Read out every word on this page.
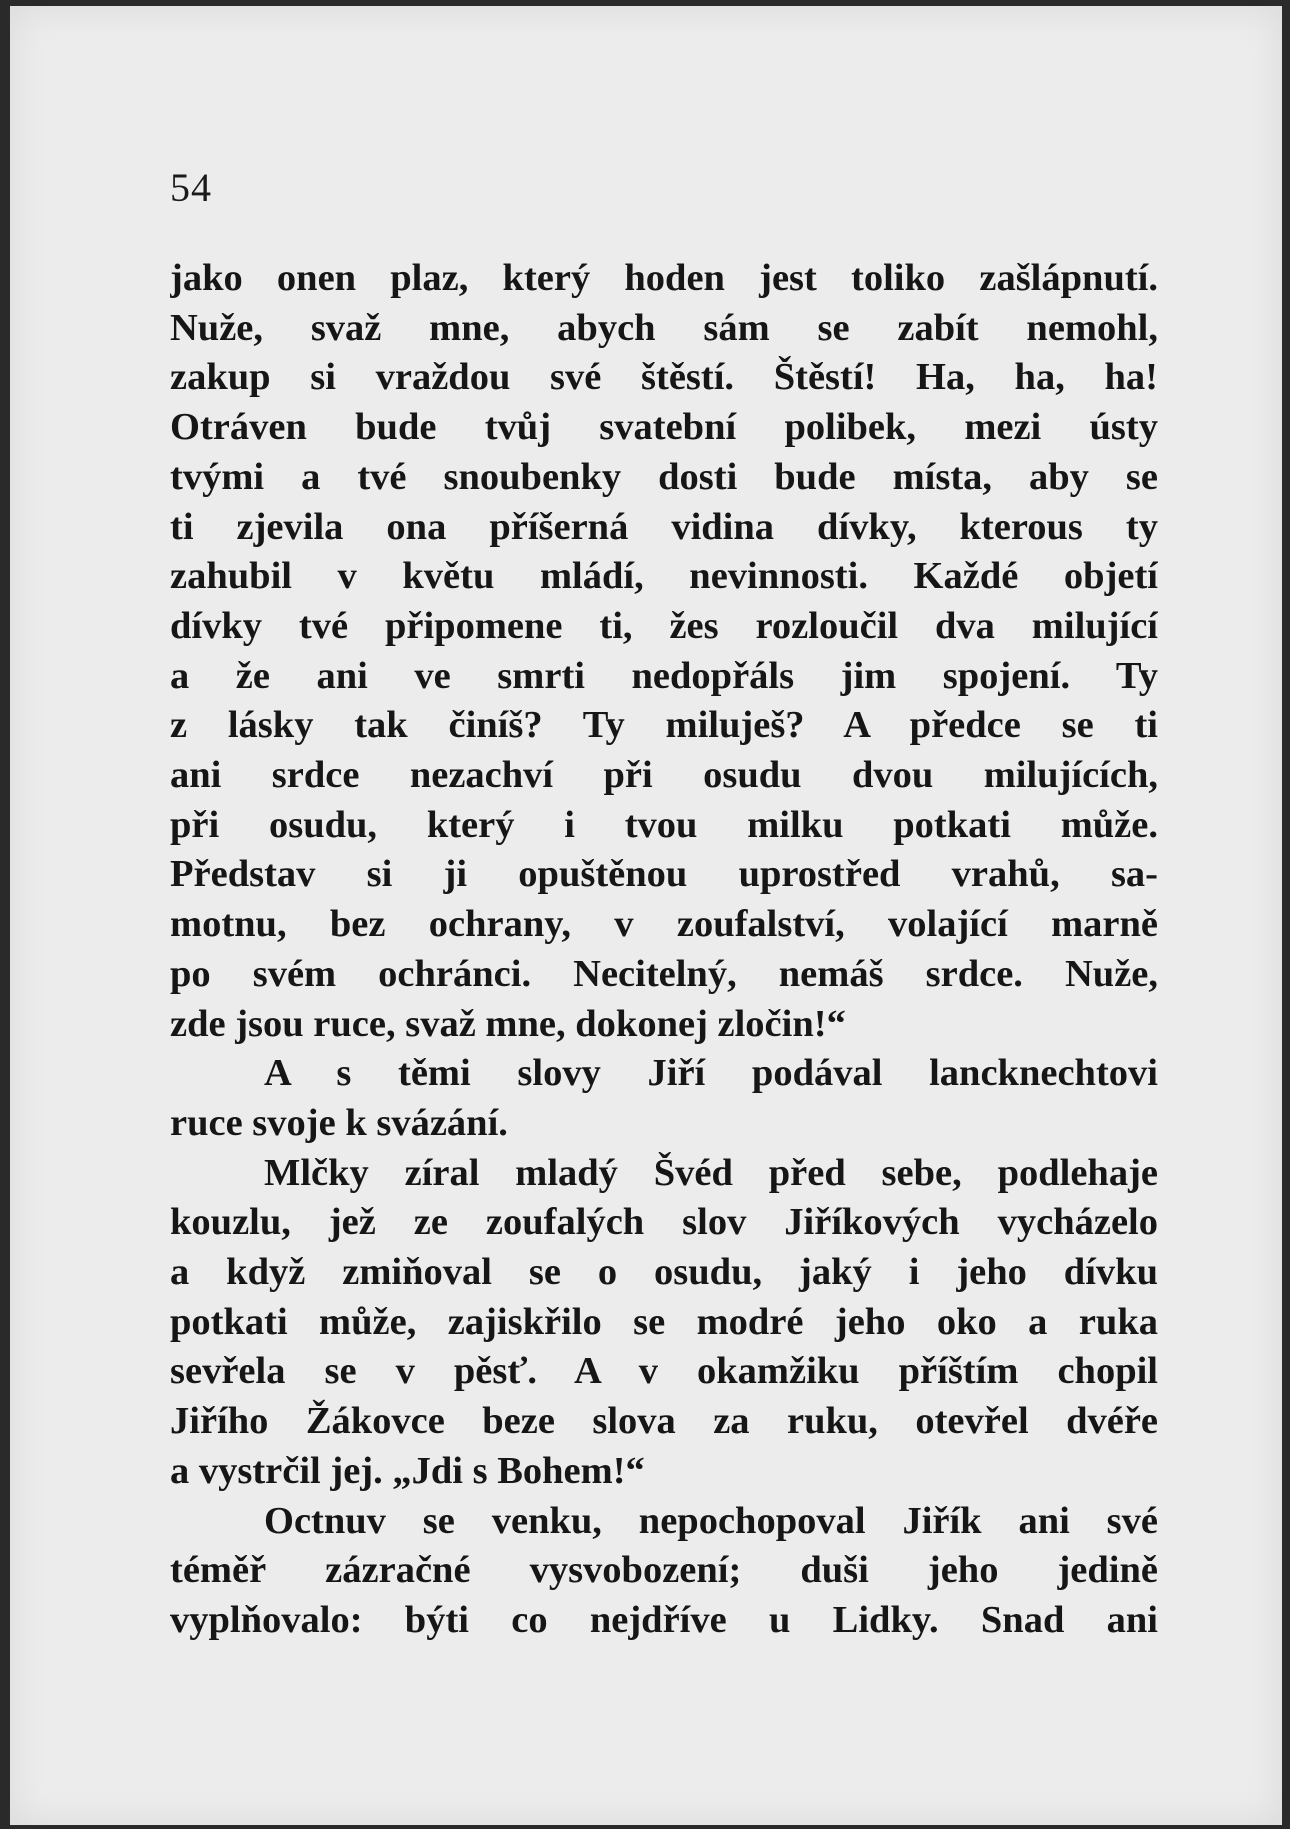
54
jako onen plaz, který hoden jest toliko zašlápnutí.
Nuže, svaž mne, abych sám se zabít nemohl,
zakup si vraždou své štěstí. Štěstí! Ha, ha, ha!
Otráven bude tvůj svatební polibek, mezi ústy
tvými a tvé snoubenky dosti bude místa, aby se
ti zjevila ona příšerná vidina dívky, kterous ty
zahubil v květu mládí, nevinnosti. Každé objetí
dívky tvé připomene ti, žes rozloučil dva milující
a že ani ve smrti nedopřáls jim spojení. Ty
z lásky tak činíš? Ty miluješ? A předce se ti
ani srdce nezachví při osudu dvou milujících,
při osudu, který i tvou milku potkati může.
Představ si ji opuštěnou uprostřed vrahů, sa-
motnu, bez ochrany, v zoufalství, volající marně
po svém ochránci. Necitelný, nemáš srdce. Nuže,
zde jsou ruce, svaž mne, dokonej zločin!“
A s těmi slovy Jiří podával lancknechtovi
ruce svoje k svázání.
Mlčky zíral mladý Švéd před sebe, podlehaje
kouzlu, jež ze zoufalých slov Jiříkových vycházelo
a když zmiňoval se o osudu, jaký i jeho dívku
potkati může, zajiskřilo se modré jeho oko a ruka
sevřela se v pěsť. A v okamžiku příštím chopil
Jiřího Žákovce beze slova za ruku, otevřel dvéře
a vystrčil jej. „Jdi s Bohem!“
Octnuv se venku, nepochopoval Jiřík ani své
téměř zázračné vysvobození; duši jeho jedině
vyplňovalo: býti co nejdříve u Lidky. Snad ani
